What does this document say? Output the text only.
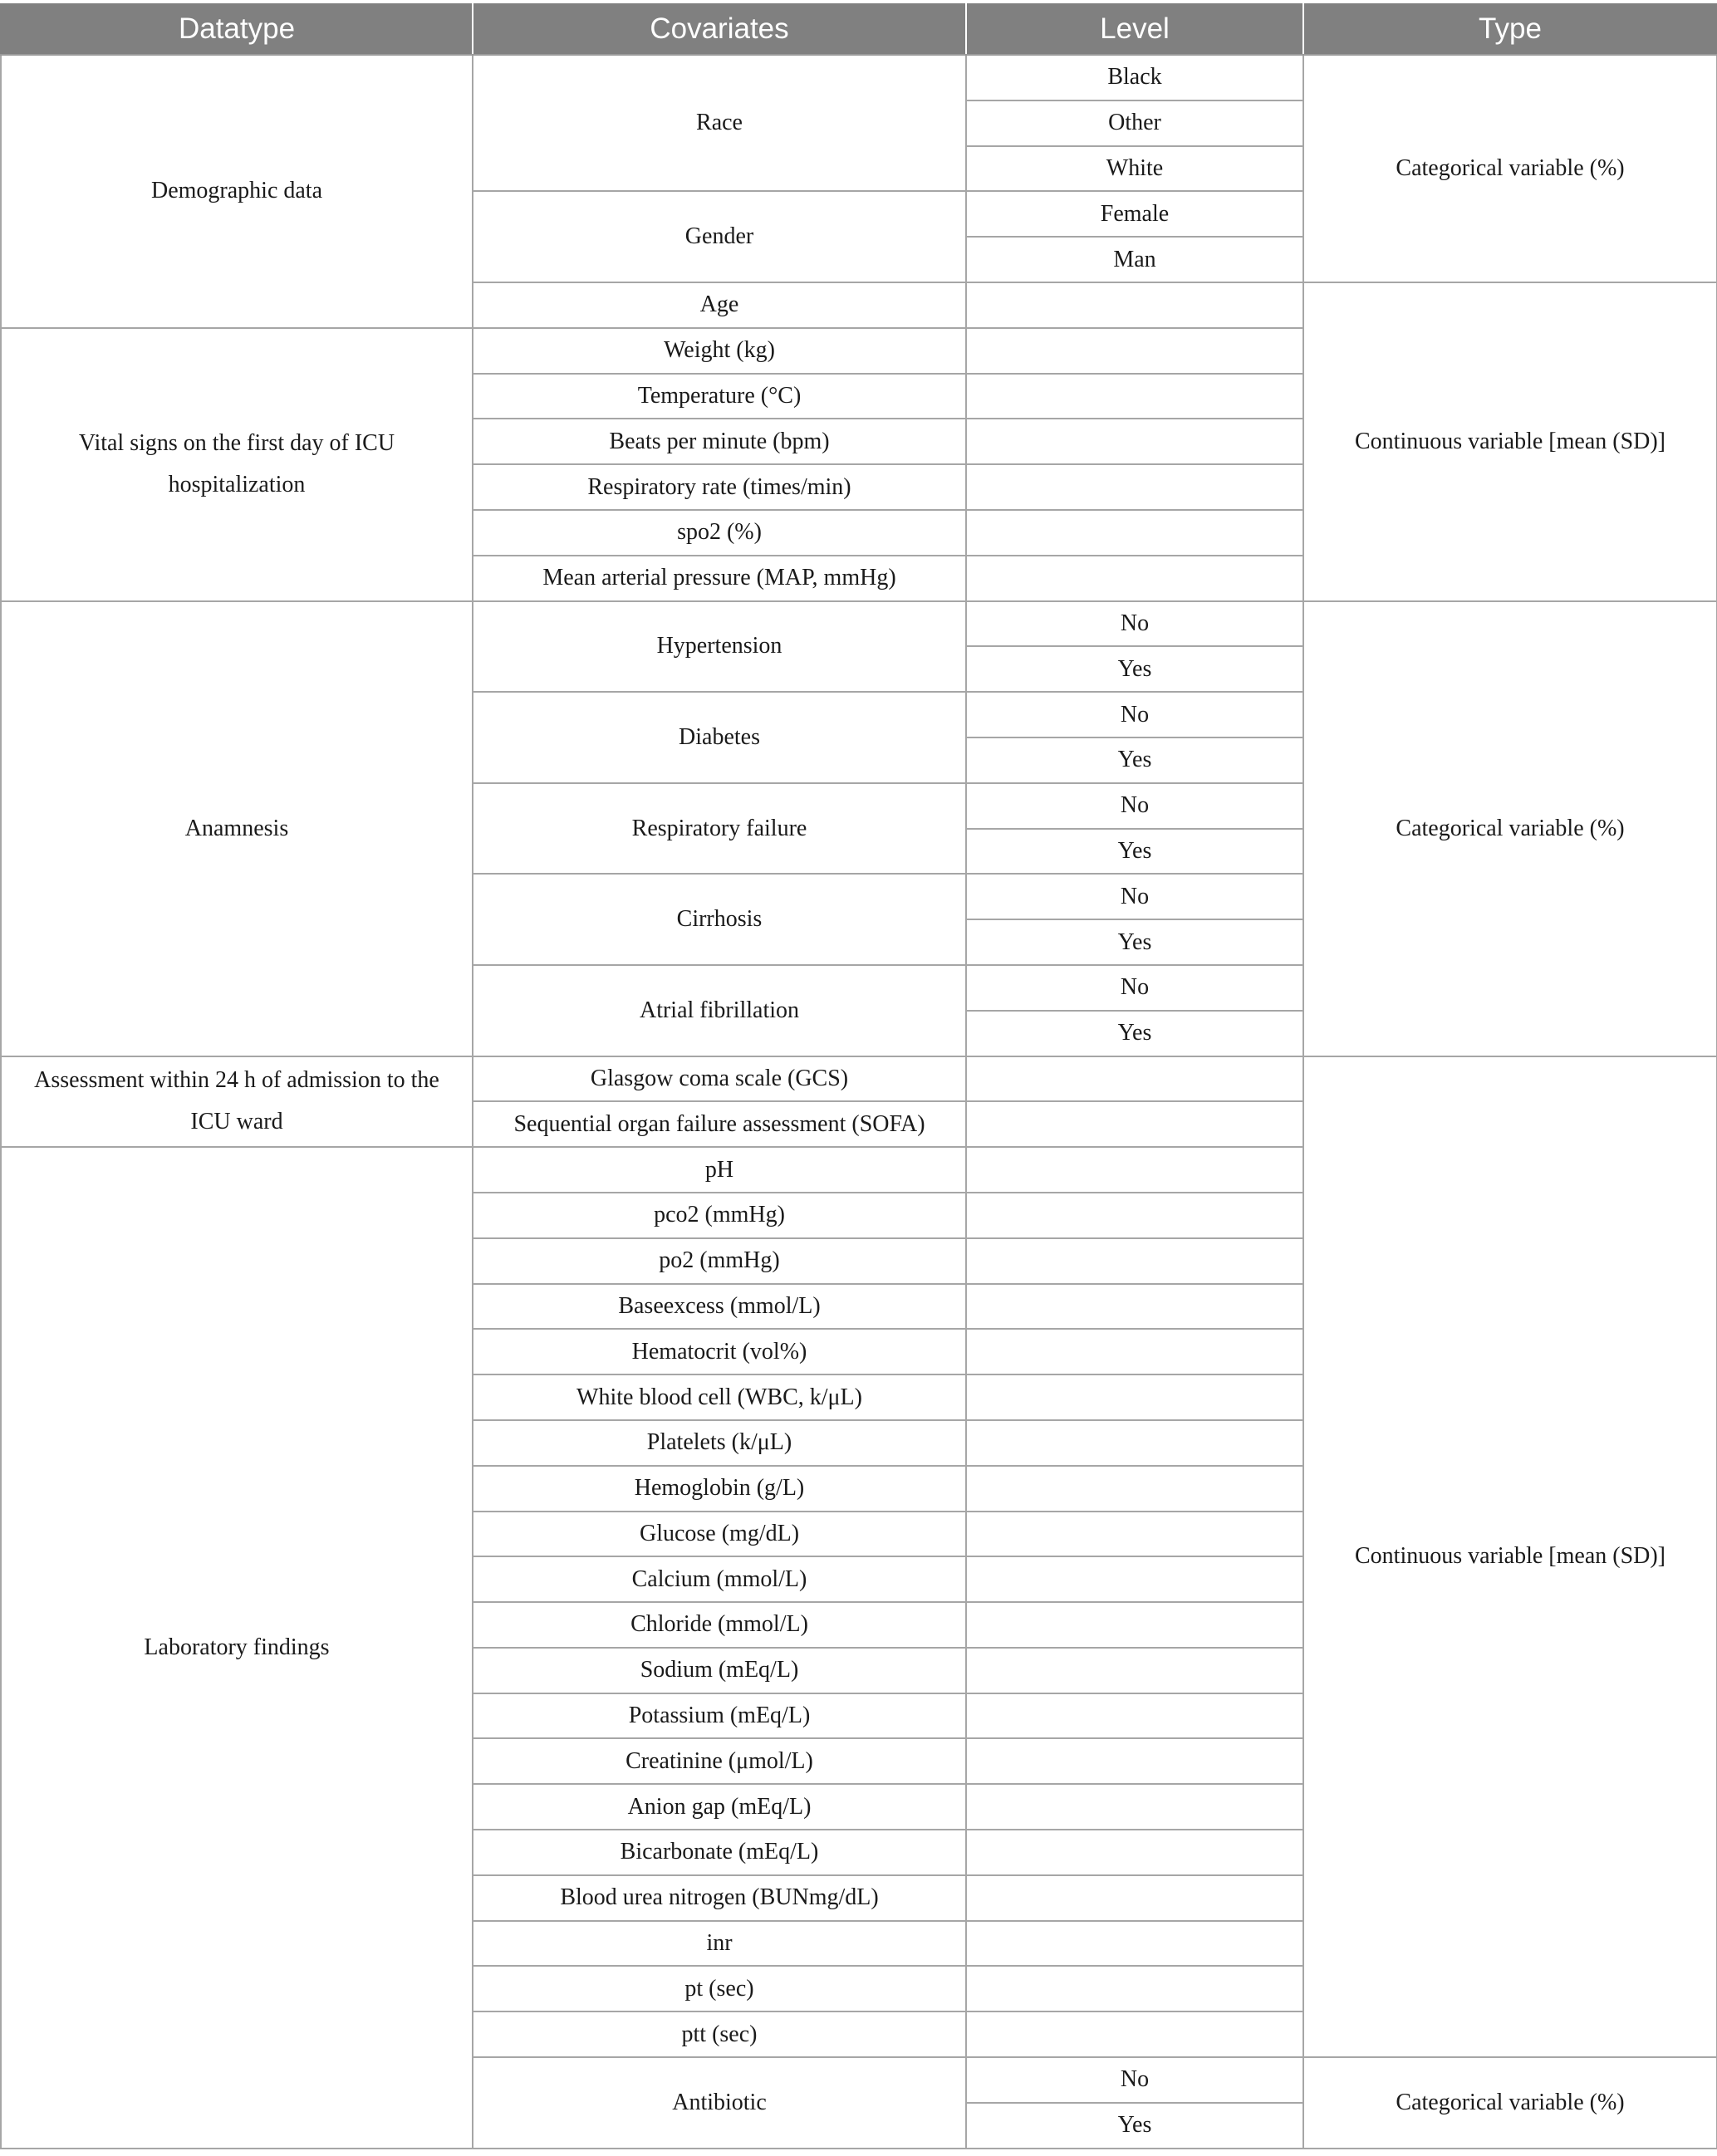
Datatype	Covariates	Level	Type
Demographic data	Race	Black	Categorical variable (%)
		Other	
		White	
	Gender	Female	
		Man	
	Age		Continuous variable [mean (SD)]
Vital signs on the first day of ICU hospitalization	Weight (kg)		
	Temperature (°C)		
	Beats per minute (bpm)		
	Respiratory rate (times/min)		
	spo2 (%)		
	Mean arterial pressure (MAP, mmHg)		
Anamnesis	Hypertension	No	Categorical variable (%)
		Yes	
	Diabetes	No	
		Yes	
	Respiratory failure	No	
		Yes	
	Cirrhosis	No	
		Yes	
	Atrial fibrillation	No	
		Yes	
Assessment within 24 h of admission to the ICU ward	Glasgow coma scale (GCS)		Continuous variable [mean (SD)]
	Sequential organ failure assessment (SOFA)		
Laboratory findings	pH		
	pco2 (mmHg)		
	po2 (mmHg)		
	Baseexcess (mmol/L)		
	Hematocrit (vol%)		
	White blood cell (WBC, k/μL)		
	Platelets (k/μL)		
	Hemoglobin (g/L)		
	Glucose (mg/dL)		
	Calcium (mmol/L)		
	Chloride (mmol/L)		
	Sodium (mEq/L)		
	Potassium (mEq/L)		
	Creatinine (μmol/L)		
	Anion gap (mEq/L)		
	Bicarbonate (mEq/L)		
	Blood urea nitrogen (BUNmg/dL)		
	inr		
	pt (sec)		
	ptt (sec)		
	Antibiotic	No	Categorical variable (%)
		Yes	
